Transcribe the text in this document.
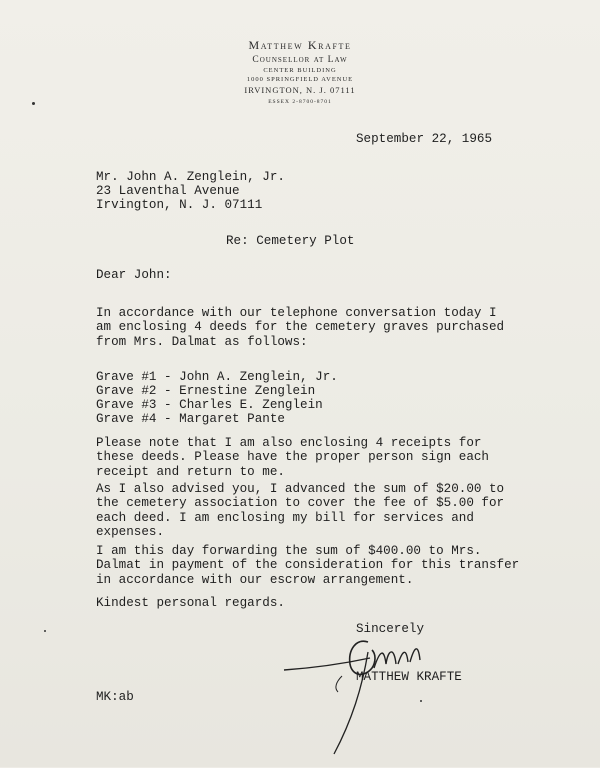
Matthew Krafte
Counsellor at Law
CENTER BUILDING
1000 SPRINGFIELD AVENUE
IRVINGTON, N. J. 07111
ESSEX 2-8700-8701
September 22, 1965
Mr. John A. Zenglein, Jr.
23 Laventhal Avenue
Irvington, N. J. 07111
Re: Cemetery Plot
Dear John:
In accordance with our telephone conversation today I
am enclosing 4 deeds for the cemetery graves purchased
from Mrs. Dalmat as follows:
Grave #1 - John A. Zenglein, Jr.
Grave #2 - Ernestine Zenglein
Grave #3 - Charles E. Zenglein
Grave #4 - Margaret Pante
Please note that I am also enclosing 4 receipts for
these deeds. Please have the proper person sign each
receipt and return to me.
As I also advised you, I advanced the sum of $20.00 to
the cemetery association to cover the fee of $5.00 for
each deed. I am enclosing my bill for services and
expenses.
I am this day forwarding the sum of $400.00 to Mrs.
Dalmat in payment of the consideration for this transfer
in accordance with our escrow arrangement.
Kindest personal regards.
Sincerely
MATTHEW KRAFTE
MK:ab
